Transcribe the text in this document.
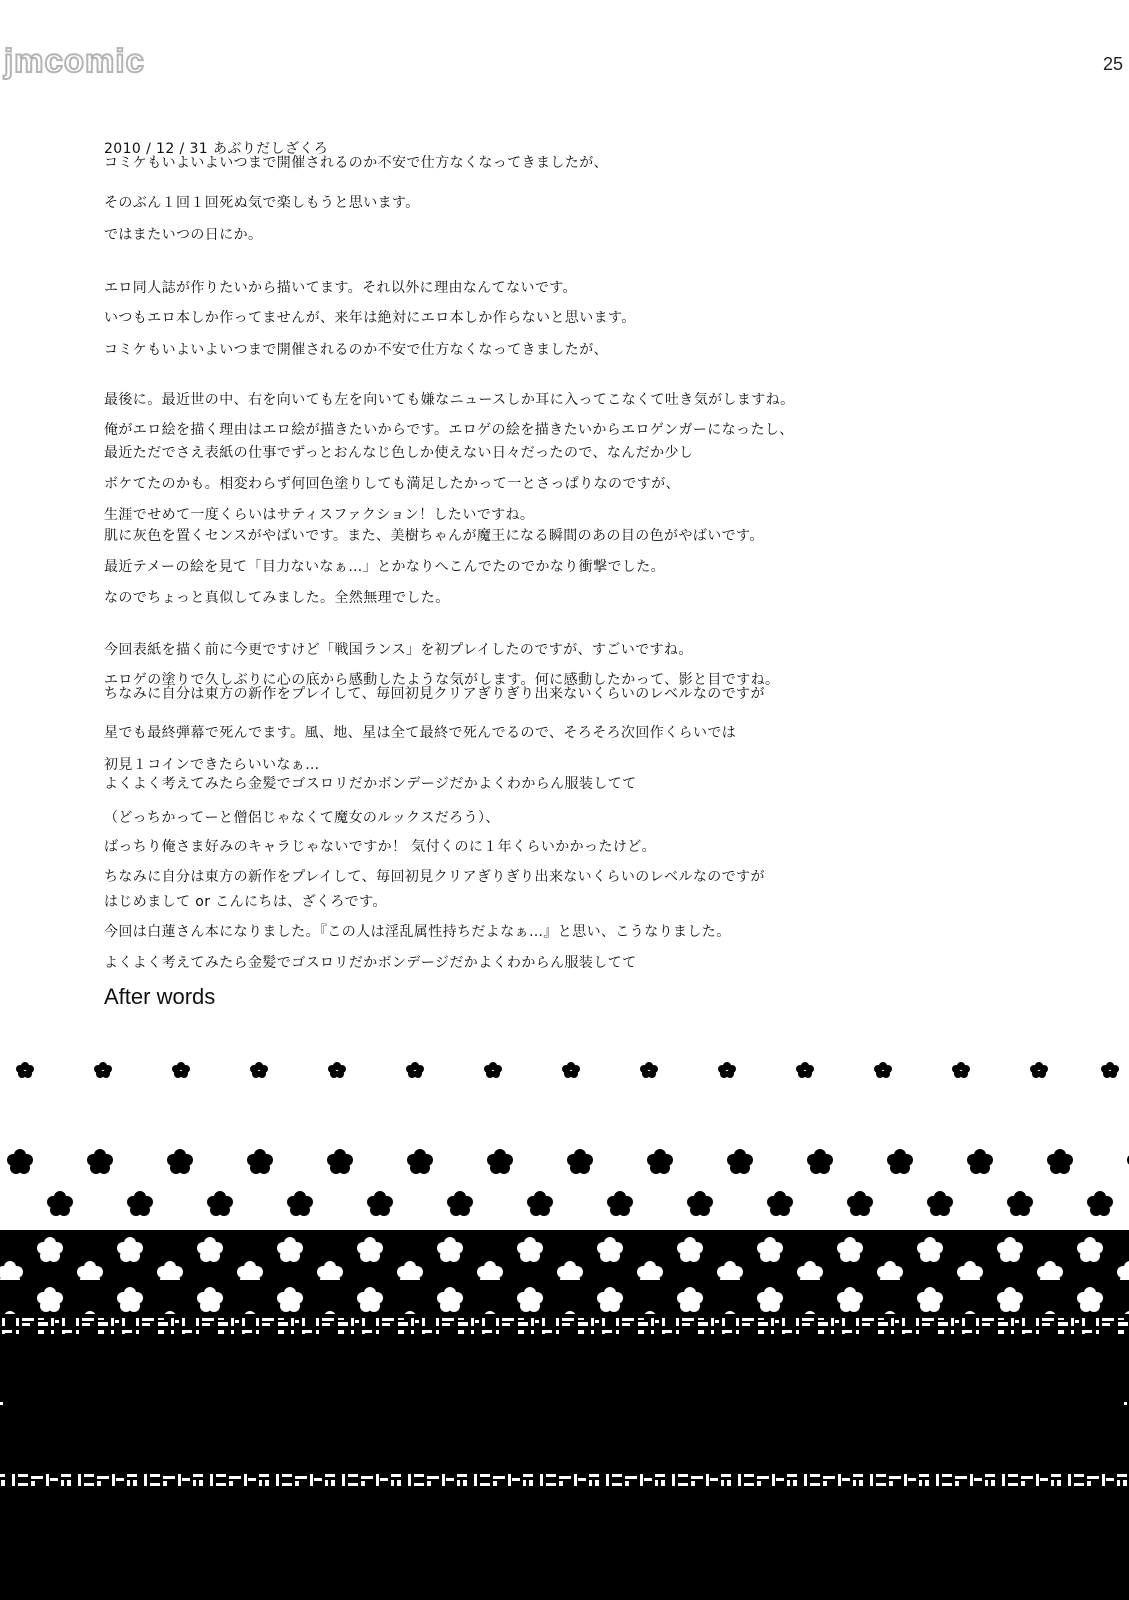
jmcomic	25
2010 / 12 / 31 あぶりだしざくろ
コミケもいよいよいつまで開催されるのか不安で仕方なくなってきましたが、
そのぶん１回１回死ぬ気で楽しもうと思います。
ではまたいつの日にか。
エロ同人誌が作りたいから描いてます。それ以外に理由なんてないです。
いつもエロ本しか作ってませんが、来年は絶対にエロ本しか作らないと思います。
コミケもいよいよいつまで開催されるのか不安で仕方なくなってきましたが、
最後に。最近世の中、右を向いても左を向いても嫌なニュースしか耳に入ってこなくて吐き気がしますね。
俺がエロ絵を描く理由はエロ絵が描きたいからです。エロゲの絵を描きたいからエロゲンガーになったし、
最近ただでさえ表紙の仕事でずっとおんなじ色しか使えない日々だったので、なんだか少し
ボケてたのかも。相変わらず何回色塗りしても満足したかって一とさっぱりなのですが、
生涯でせめて一度くらいはサティスファクション！したいですね。
肌に灰色を置くセンスがやばいです。また、美樹ちゃんが魔王になる瞬間のあの目の色がやばいです。
最近テメーの絵を見て「目力ないなぁ…」とかなりへこんでたのでかなり衝撃でした。
なのでちょっと真似してみました。全然無理でした。
今回表紙を描く前に今更ですけど「戦国ランス」を初プレイしたのですが、すごいですね。
エロゲの塗りで久しぶりに心の底から感動したような気がします。何に感動したかって、影と目ですね。
ちなみに自分は東方の新作をプレイして、毎回初見クリアぎりぎり出来ないくらいのレベルなのですが
星でも最終弾幕で死んでます。風、地、星は全て最終で死んでるので、そろそろ次回作くらいでは
初見１コインできたらいいなぁ…
よくよく考えてみたら金髪でゴスロリだかボンデージだかよくわからん服装してて
（どっちかってーと僧侶じゃなくて魔女のルックスだろう）、
ばっちり俺さま好みのキャラじゃないですか！ 気付くのに１年くらいかかったけど。
ちなみに自分は東方の新作をプレイして、毎回初見クリアぎりぎり出来ないくらいのレベルなのですが
はじめまして or こんにちは、ざくろです。
今回は白蓮さん本になりました。『この人は淫乱属性持ちだよなぁ…』と思い、こうなりました。
よくよく考えてみたら金髪でゴスロリだかボンデージだかよくわからん服装してて
After words
